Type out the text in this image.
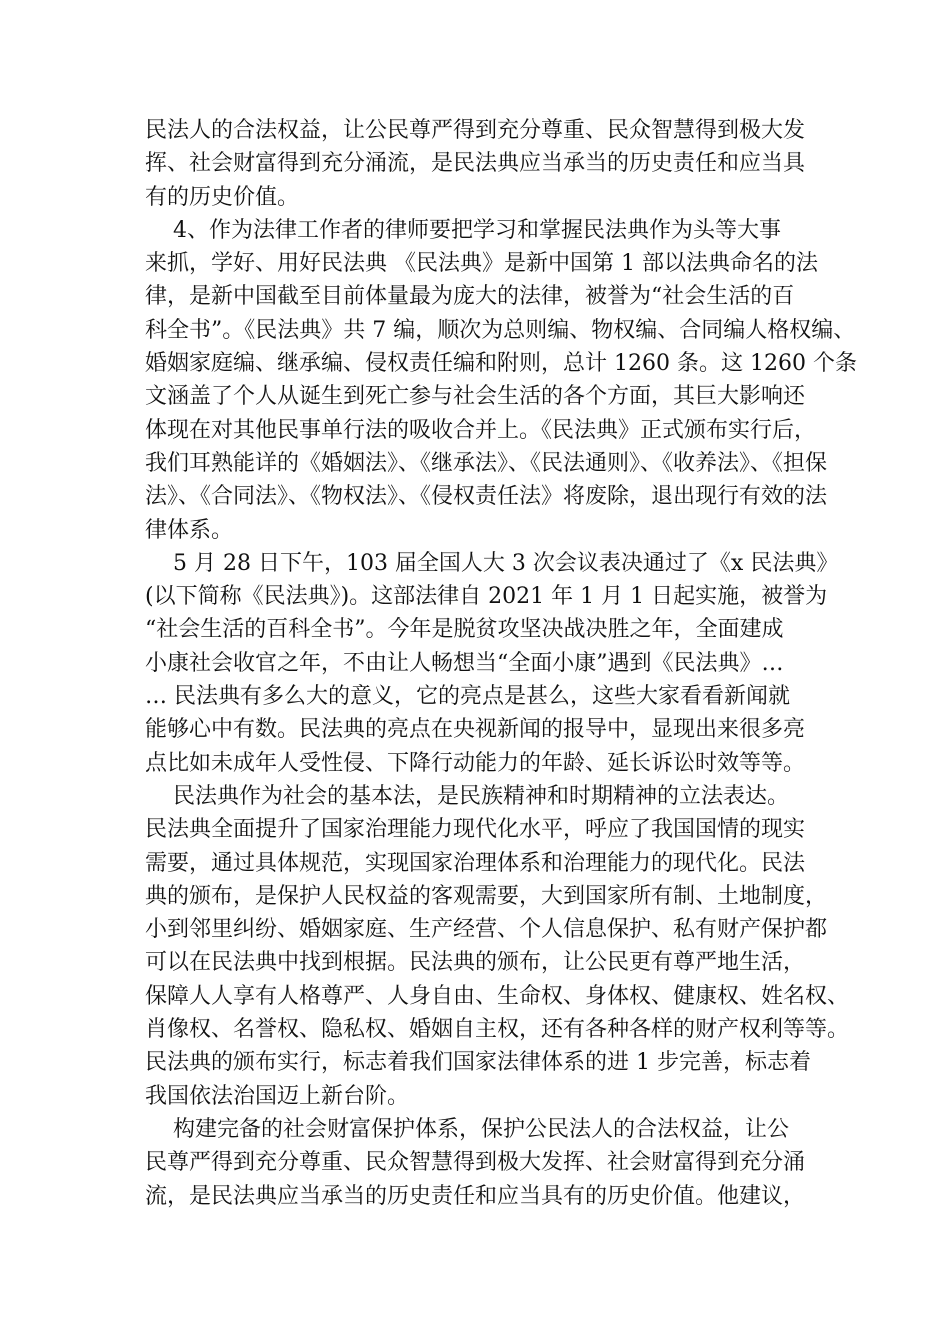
民法人的合法权益，让公民尊严得到充分尊重、民众智慧得到极大发
挥、社会财富得到充分涌流，是民法典应当承当的历史责任和应当具
有的历史价值。
4、作为法律工作者的律师要把学习和掌握民法典作为头等大事
来抓，学好、用好民法典 《民法典》是新中国第 1 部以法典命名的法
律，是新中国截至目前体量最为庞大的法律，被誉为“社会生活的百
科全书”。《民法典》共 7 编，顺次为总则编、物权编、合同编人格权编、
婚姻家庭编、继承编、侵权责任编和附则，总计 1260 条。这 1260 个条
文涵盖了个人从诞生到死亡参与社会生活的各个方面，其巨大影响还
体现在对其他民事单行法的吸收合并上。《民法典》正式颁布实行后，
我们耳熟能详的《婚姻法》、《继承法》、《民法通则》、《收养法》、《担保
法》、《合同法》、《物权法》、《侵权责任法》将废除，退出现行有效的法
律体系。
5 月 28 日下午，103 届全国人大 3 次会议表决通过了《x 民法典》
(以下简称《民法典》)。这部法律自 2021 年 1 月 1 日起实施，被誉为
“社会生活的百科全书”。今年是脱贫攻坚决战决胜之年，全面建成
小康社会收官之年，不由让人畅想当“全面小康”遇到《民法典》…
… 民法典有多么大的意义，它的亮点是甚么，这些大家看看新闻就
能够心中有数。民法典的亮点在央视新闻的报导中，显现出来很多亮
点比如未成年人受性侵、下降行动能力的年龄、延长诉讼时效等等。
民法典作为社会的基本法，是民族精神和时期精神的立法表达。
民法典全面提升了国家治理能力现代化水平，呼应了我国国情的现实
需要，通过具体规范，实现国家治理体系和治理能力的现代化。民法
典的颁布，是保护人民权益的客观需要，大到国家所有制、土地制度，
小到邻里纠纷、婚姻家庭、生产经营、个人信息保护、私有财产保护都
可以在民法典中找到根据。民法典的颁布，让公民更有尊严地生活，
保障人人享有人格尊严、人身自由、生命权、身体权、健康权、姓名权、
肖像权、名誉权、隐私权、婚姻自主权，还有各种各样的财产权利等等。
民法典的颁布实行，标志着我们国家法律体系的进 1 步完善，标志着
我国依法治国迈上新台阶。
构建完备的社会财富保护体系，保护公民法人的合法权益，让公
民尊严得到充分尊重、民众智慧得到极大发挥、社会财富得到充分涌
流，是民法典应当承当的历史责任和应当具有的历史价值。他建议，
